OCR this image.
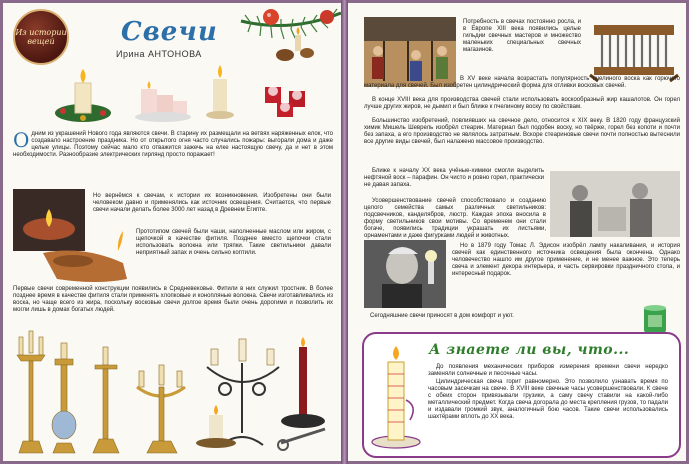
Из истории вещей	Свечи
Ирина АНТОНОВА

Одним из украшений Нового года являются свечи. В старину их размещали на ветвях наряженных елок, что создавало настроение праздника. Но от открытого огня часто случались пожары: выгорали дома и даже целые улицы. Поэтому сейчас мало кто отважится зажечь на елке настоящую свечу, да и нет в этом необходимости. Разнообразие электрических гирлянд просто поражает!

Но вернёмся к свечам, к истории их возникновения. Изобретены они были человеком давно и применялись как источник освещения. Считается, что первые свечи начали делать более 3000 лет назад в Древнем Египте.

Прототипом свечей были чаши, наполненные маслом или жиром, с щепочкой в качестве фитиля. Позднее вместо щепочки стали использовать волокна или тряпки. Такие светильники давали неприятный запах и очень сильно коптили.

Первые свечи современной конструкции появились в Средневековье. Фитили в них служил тростник. В более позднее время в качестве фитиля стали применять хлопковые и конопляные волокна. Свечи изготавливались из воска, но чаще всего из жира, поскольку восковые свечи долгое время были очень дорогими и позволить их могли лишь в домах богатых людей.

Потребность в свечах постоянно росла, и в Европе XIII века появились целые гильдии свечных мастеров и множество маленьких специальных свечных магазинов.

В XV веке начала возрастать популярность пчелиного воска как горючего материала для свечей. Был изобретен цилиндрический форма для отливки восковых свечей.

В конце XVIII века для производства свечей стали использовать воскообразный жир кашалотов. Он горел лучше других жиров, не дымил и был ближе к пчелиному воску по свойствам.

Большинство изобретений, повлиявших на свечное дело, относится к XIX веку. В 1820 году французский химик Мишель Шеврель изобрёл стеарин. Материал был подобен воску, но твёрже, горел без копоти и почти без запаха, а его производство не являлось затратным. Вскоре стеариновые свечи почти полностью вытеснили все другие виды свечей, был налажено массовое производство.

Ближе к началу XX века учёные-химики смогли выделить нефтяной воск – парафин. Он чисто и ровно горел, практически не давая запаха.

Усовершенствование свечей способствовало и созданию целого семейства самых различных светильников: подсвечников, канделябров, люстр. Каждая эпоха вносила в форму светильников свои мотивы. Со временем они стали богаче, появились традиции украшать их листьями, орнаментами и даже фигурками людей и животных.

Но в 1879 году Томас Л. Эдисон изобрёл лампу накаливания, и история свечей как единственного источника освещения была окончена. Однако человечество нашло им другое применение, и не менее важное. Это теперь свеча и элемент декора интерьера, и часть сервировки праздничного стола, и интересный подарок.

Сегодняшние свечи приносят в дом комфорт и уют.

А знаете ли вы, что...

До появления механических приборов измерения времени свечи нередко заменяли солнечные и песочные часы.

Цилиндрическая свеча горит равномерно. Это позволило узнавать время по часовым засечкам на свече. В XVIII веке свечные часы усовершенствовали. К свече с обеих сторон привязывали грузики, а саму свечу ставили на какой-либо металлический предмет. Когда свеча догорала до места крепления грузов, то падали и издавали громкий звук, аналогичный бою часов. Такие свечи использовались шахтёрами вплоть до XX века.
